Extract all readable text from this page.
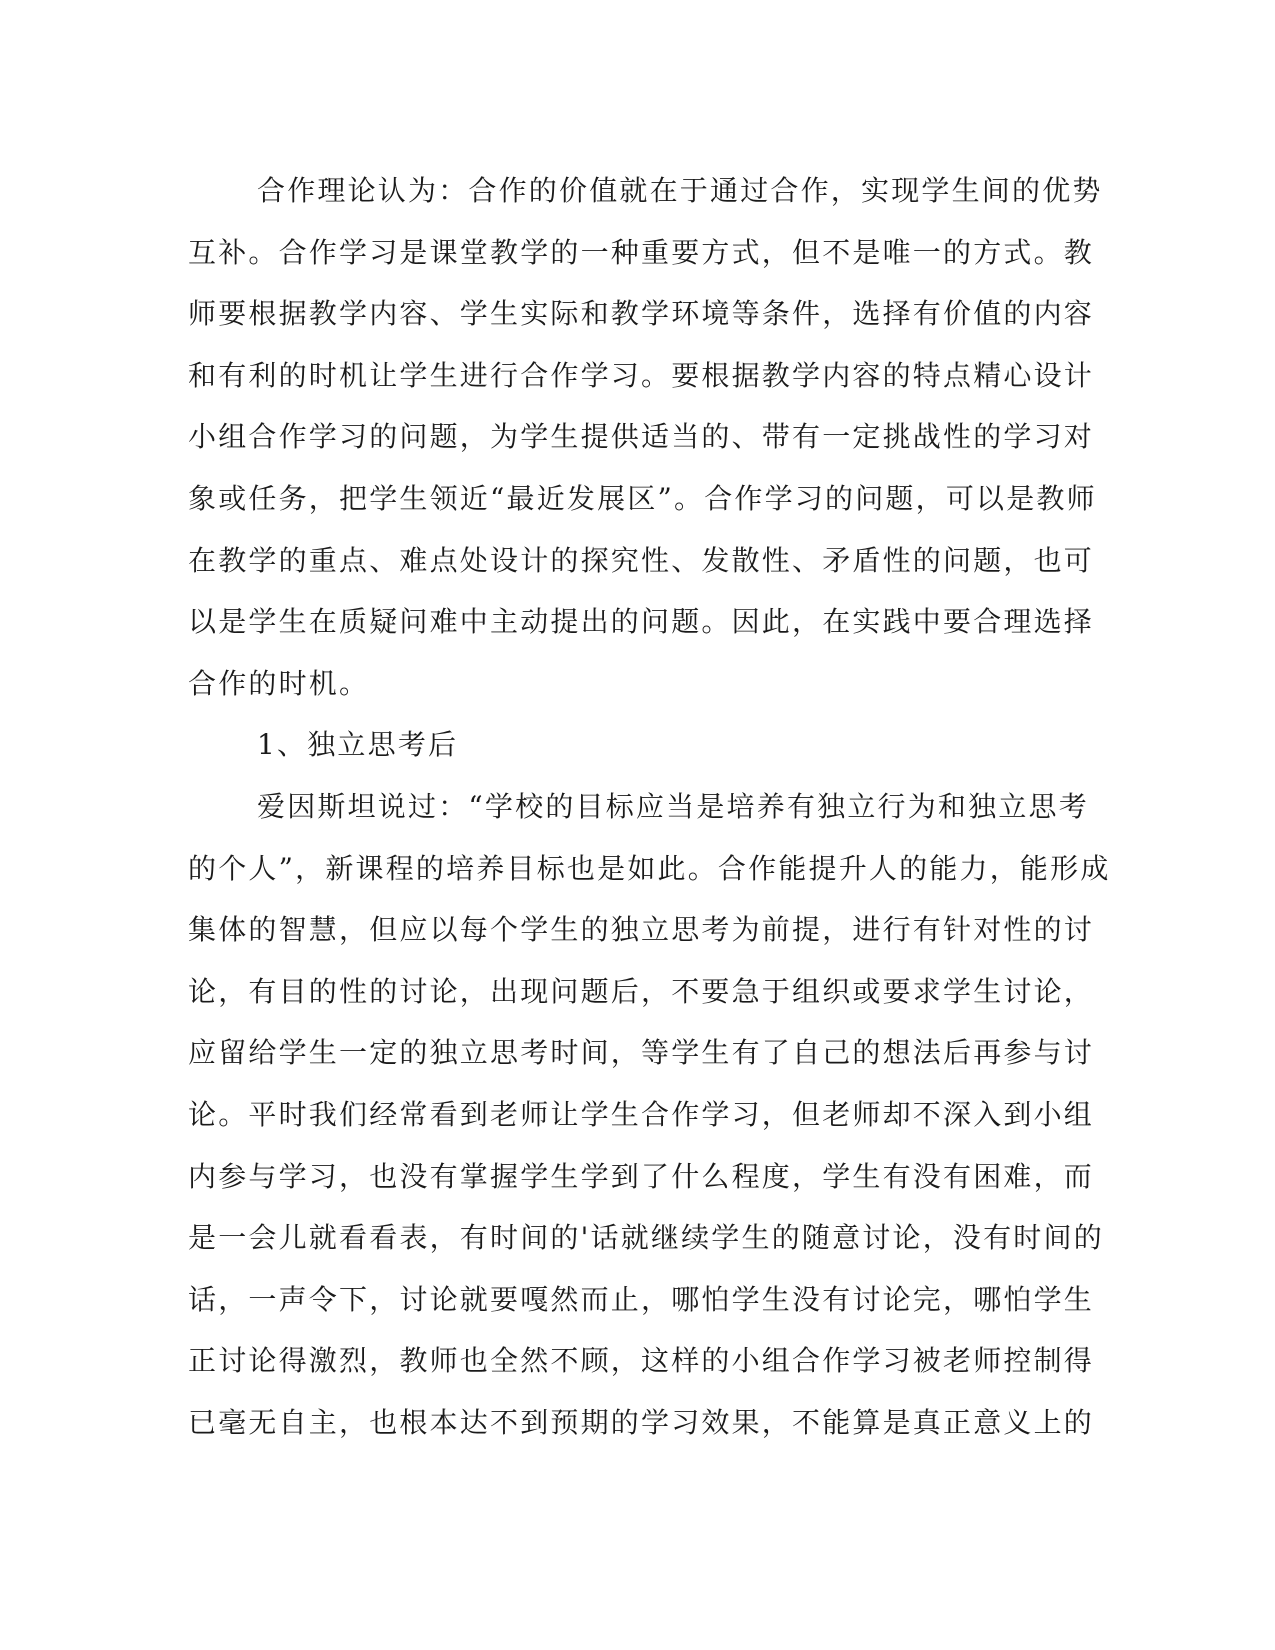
合作理论认为：合作的价值就在于通过合作，实现学生间的优势
互补。合作学习是课堂教学的一种重要方式，但不是唯一的方式。教
师要根据教学内容、学生实际和教学环境等条件，选择有价值的内容
和有利的时机让学生进行合作学习。要根据教学内容的特点精心设计
小组合作学习的问题，为学生提供适当的、带有一定挑战性的学习对
象或任务，把学生领近“最近发展区”。合作学习的问题，可以是教师
在教学的重点、难点处设计的探究性、发散性、矛盾性的问题，也可
以是学生在质疑问难中主动提出的问题。因此，在实践中要合理选择
合作的时机。
1、独立思考后
爱因斯坦说过：“学校的目标应当是培养有独立行为和独立思考
的个人”，新课程的培养目标也是如此。合作能提升人的能力，能形成
集体的智慧，但应以每个学生的独立思考为前提，进行有针对性的讨
论，有目的性的讨论，出现问题后，不要急于组织或要求学生讨论，
应留给学生一定的独立思考时间，等学生有了自己的想法后再参与讨
论。平时我们经常看到老师让学生合作学习，但老师却不深入到小组
内参与学习，也没有掌握学生学到了什么程度，学生有没有困难，而
是一会儿就看看表，有时间的'话就继续学生的随意讨论，没有时间的
话，一声令下，讨论就要嘎然而止，哪怕学生没有讨论完，哪怕学生
正讨论得激烈，教师也全然不顾，这样的小组合作学习被老师控制得
已毫无自主，也根本达不到预期的学习效果，不能算是真正意义上的
